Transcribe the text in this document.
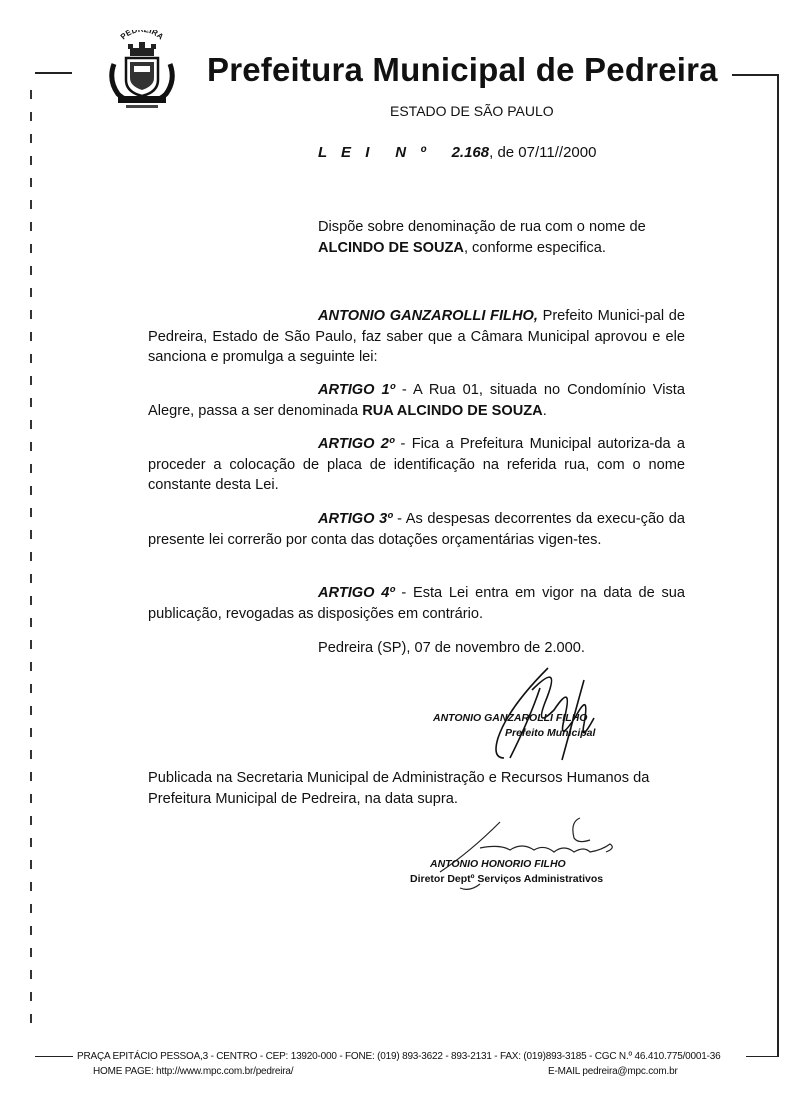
PED IRA
Prefeitura Municipal de Pedreira
ESTADO DE SÃO PAULO
L E I N º 2.168, de 07/11//2000
Dispõe sobre denominação de rua com o nome de
ALCINDO DE SOUZA, conforme especifica.
ANTONIO GANZAROLLI FILHO, Prefeito Munici-pal de Pedreira, Estado de São Paulo, faz saber que a Câmara Municipal aprovou e ele sanciona e promulga a seguinte lei:
ARTIGO 1º - A Rua 01, situada no Condomínio Vista Alegre, passa a ser denominada RUA ALCINDO DE SOUZA.
ARTIGO 2º - Fica a Prefeitura Municipal autoriza-da a proceder a colocação de placa de identificação na referida rua, com o nome constante desta Lei.
ARTIGO 3º - As despesas decorrentes da execu-ção da presente lei correrão por conta das dotações orçamentárias vigen-tes.
ARTIGO 4º - Esta Lei entra em vigor na data de sua publicação, revogadas as disposições em contrário.
Pedreira (SP), 07 de novembro de 2.000.
ANTONIO GANZAROLLI FILHO
Prefeito Municipal
Publicada na Secretaria Municipal de Administração e Recursos Humanos da Prefeitura Municipal de Pedreira, na data supra.
ANTONIO HONORIO FILHO
Diretor Deptº Serviços Administrativos
PRAÇA EPITÁCIO PESSOA,3 - CENTRO - CEP: 13920-000 - FONE: (019) 893-3622 - 893-2131 - FAX: (019)893-3185 - CGC N.º 46.410.775/0001-36
HOME PAGE: http://www.mpc.com.br/pedreira/	E-MAIL pedreira@mpc.com.br
